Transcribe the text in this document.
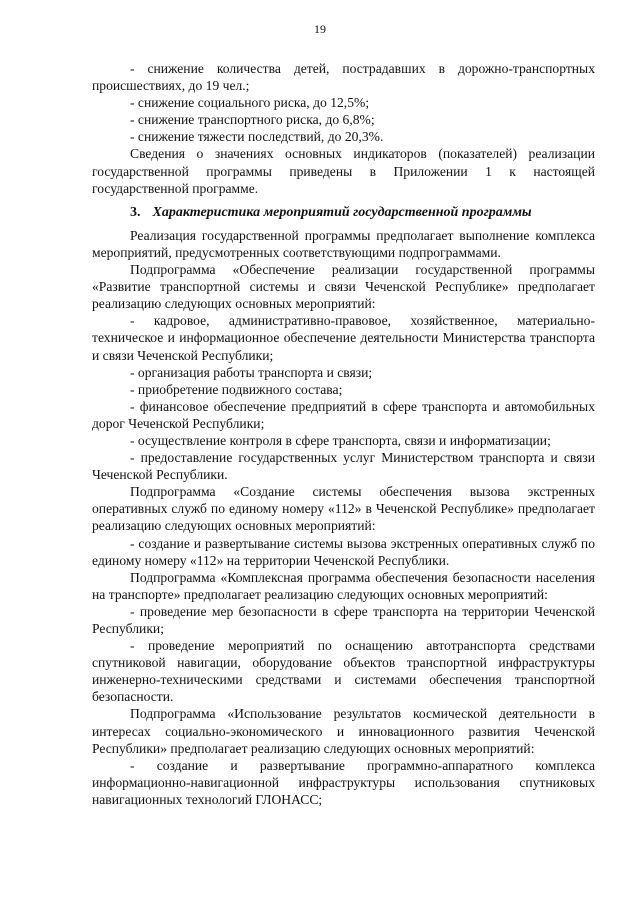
19

- снижение количества детей, пострадавших в дорожно-транспортных происшествиях, до 19 чел.;

- снижение социального риска, до 12,5%;

- снижение транспортного риска, до 6,8%;

- снижение тяжести последствий, до 20,3%.

Сведения о значениях основных индикаторов (показателей) реализации государственной программы приведены в Приложении 1 к настоящей государственной программе.

3. Характеристика мероприятий государственной программы

Реализация государственной программы предполагает выполнение комплекса мероприятий, предусмотренных соответствующими подпрограммами.

Подпрограмма «Обеспечение реализации государственной программы «Развитие транспортной системы и связи Чеченской Республике» предполагает реализацию следующих основных мероприятий:

- кадровое, административно-правовое, хозяйственное, материально-техническое и информационное обеспечение деятельности Министерства транспорта и связи Чеченской Республики;

- организация работы транспорта и связи;

- приобретение подвижного состава;

- финансовое обеспечение предприятий в сфере транспорта и автомобильных дорог Чеченской Республики;

- осуществление контроля в сфере транспорта, связи и информатизации;

- предоставление государственных услуг Министерством транспорта и связи Чеченской Республики.

Подпрограмма «Создание системы обеспечения вызова экстренных оперативных служб по единому номеру «112» в Чеченской Республике» предполагает реализацию следующих основных мероприятий:

- создание и развертывание системы вызова экстренных оперативных служб по единому номеру «112» на территории Чеченской Республики.

Подпрограмма «Комплексная программа обеспечения безопасности населения на транспорте» предполагает реализацию следующих основных мероприятий:

- проведение мер безопасности в сфере транспорта на территории Чеченской Республики;

- проведение мероприятий по оснащению автотранспорта средствами спутниковой навигации, оборудование объектов транспортной инфраструктуры инженерно-техническими средствами и системами обеспечения транспортной безопасности.

Подпрограмма «Использование результатов космической деятельности в интересах социально-экономического и инновационного развития Чеченской Республики» предполагает реализацию следующих основных мероприятий:

- создание и развертывание программно-аппаратного комплекса информационно-навигационной инфраструктуры использования спутниковых навигационных технологий ГЛОНАСС;
